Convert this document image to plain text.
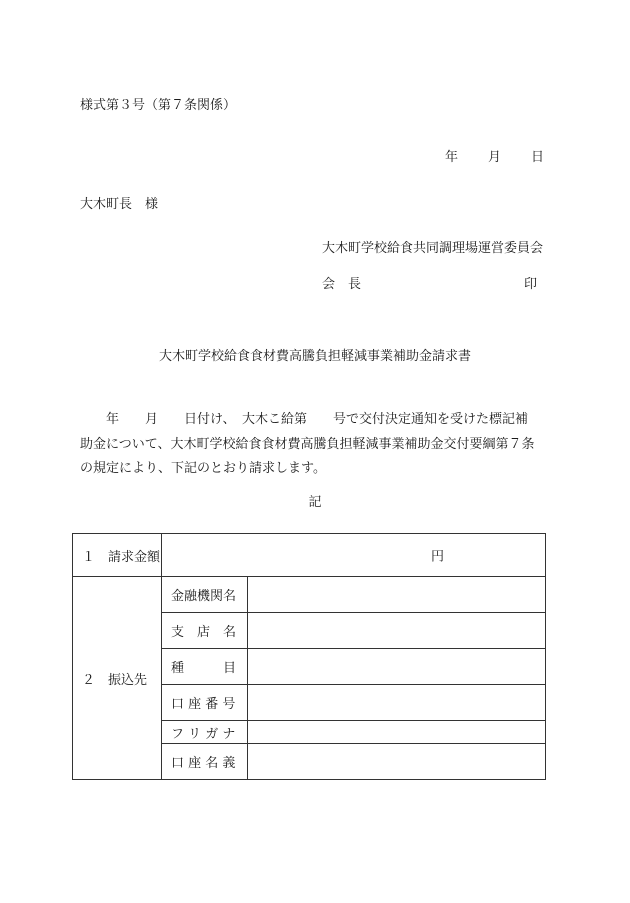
様式第３号（第７条関係）
年 月 日
大木町長　様
大木町学校給食共同調理場運営委員会
会　長	印
大木町学校給食食材費高騰負担軽減事業補助金請求書

　　年　　月　　日付け、　大木こ給第　　号で交付決定通知を受けた標記補

助金について、大木町学校給食食材費高騰負担軽減事業補助金交付要綱第７条

の規定により、下記のとおり請求します。

記
１　請求金額	円	

２　振込先	金融機関名	
	支　店　名	
	種　　　目	
	口 座 番 号	
	フ リ ガ ナ	
	口 座 名 義	
